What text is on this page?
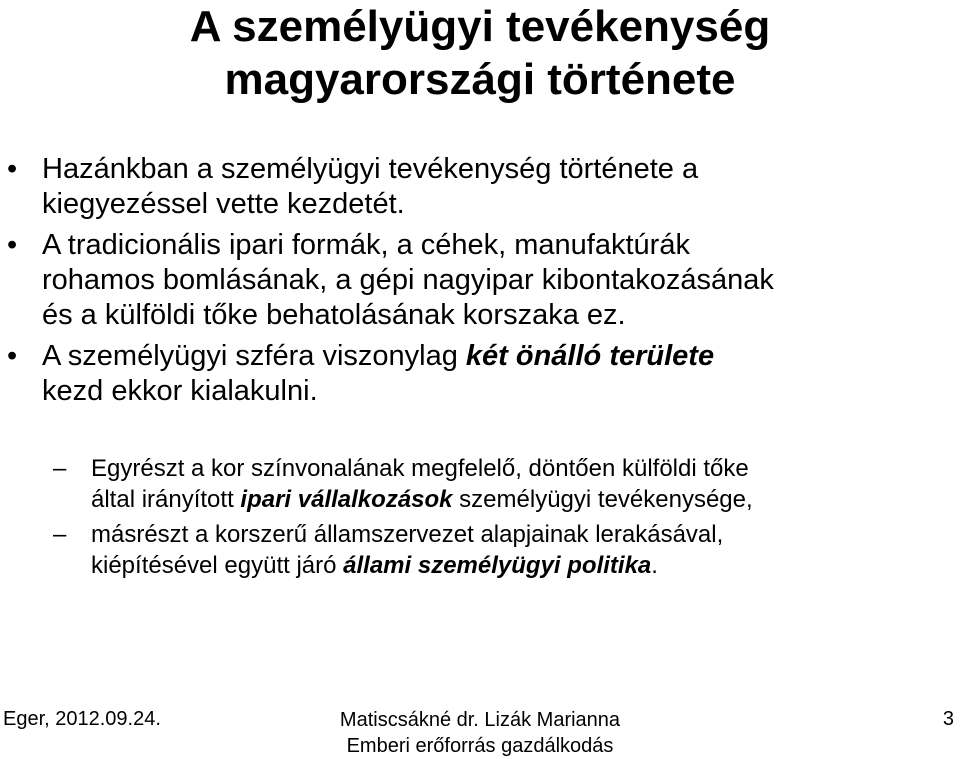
A személyügyi tevékenység
magyarországi története
• Hazánkban a személyügyi tevékenység története a
kiegyezéssel vette kezdetét.
• A tradicionális ipari formák, a céhek, manufaktúrák
rohamos bomlásának, a gépi nagyipar kibontakozásának
és a külföldi tőke behatolásának korszaka ez.
• A személyügyi szféra viszonylag két önálló területe
kezd ekkor kialakulni.
– Egyrészt a kor színvonalának megfelelő, döntően külföldi tőke
által irányított ipari vállalkozások személyügyi tevékenysége,
– másrészt a korszerű államszervezet alapjainak lerakásával,
kiépítésével együtt járó állami személyügyi politika.
Eger, 2012.09.24.	Matiscsákné dr. Lizák Marianna
Emberi erőforrás gazdálkodás
3
